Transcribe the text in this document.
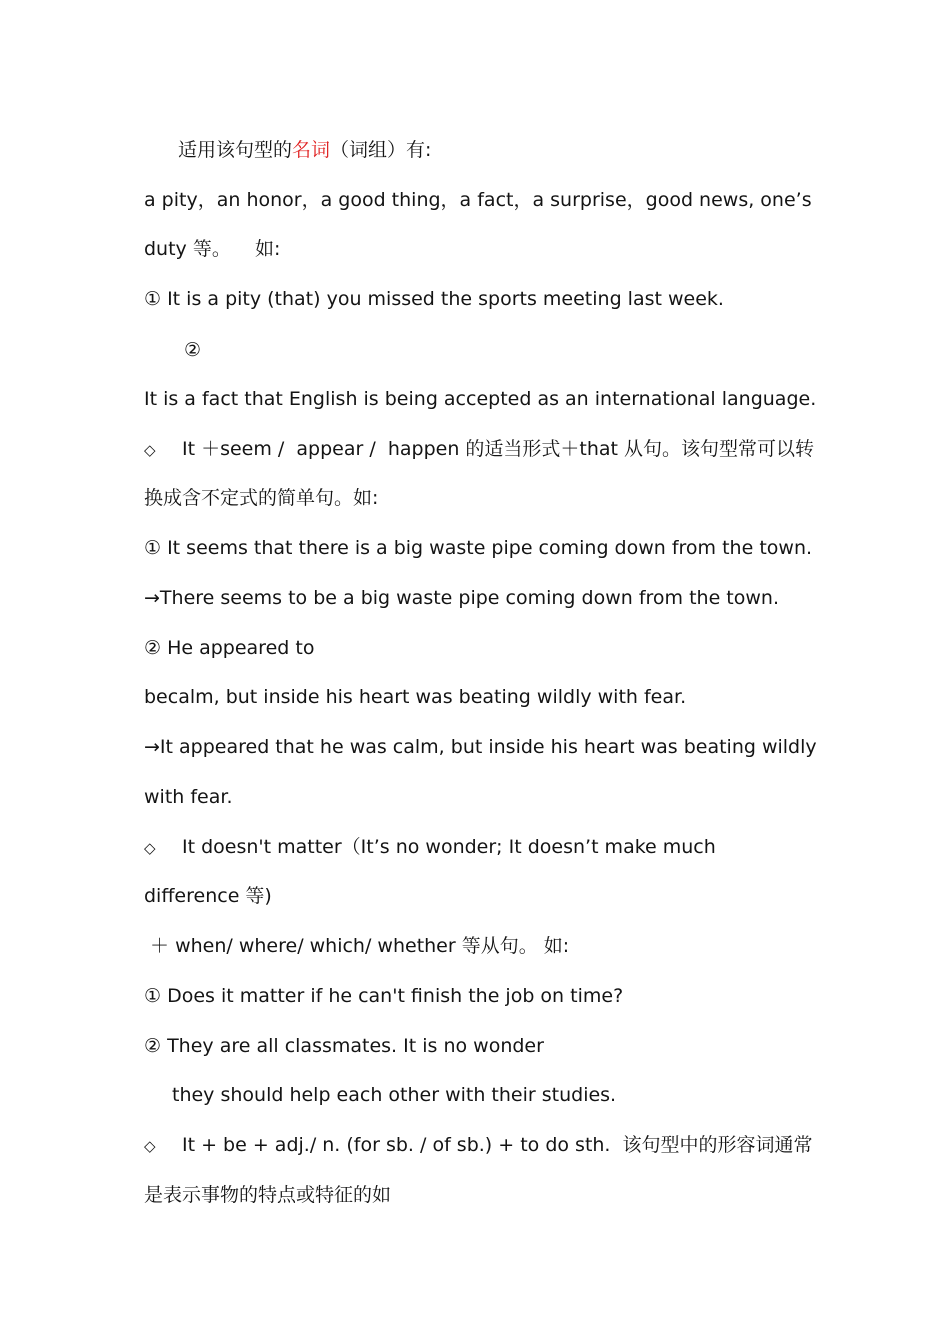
适用该句型的名词（词组）有:
a pity，an honor，a good thing，a fact，a surprise，good news, one’s
duty 等。    如:
① It is a pity (that) you missed the sports meeting last week.
②
It is a fact that English is being accepted as an international language.
◇ It ＋seem /  appear /  happen 的适当形式＋that 从句。该句型常可以转
换成含不定式的简单句。如:
① It seems that there is a big waste pipe coming down from the town.
→There seems to be a big waste pipe coming down from the town.
② He appeared to
becalm, but inside his heart was beating wildly with fear.
→It appeared that he was calm, but inside his heart was beating wildly
with fear.
◇ It doesn't matter（It’s no wonder; It doesn’t make much
difference 等)
＋ when/ where/ which/ whether 等从句。 如:
① Does it matter if he can't finish the job on time?
② They are all classmates. It is no wonder
they should help each other with their studies.
◇ It + be + adj./ n. (for sb. / of sb.) + to do sth.  该句型中的形容词通常
是表示事物的特点或特征的如
